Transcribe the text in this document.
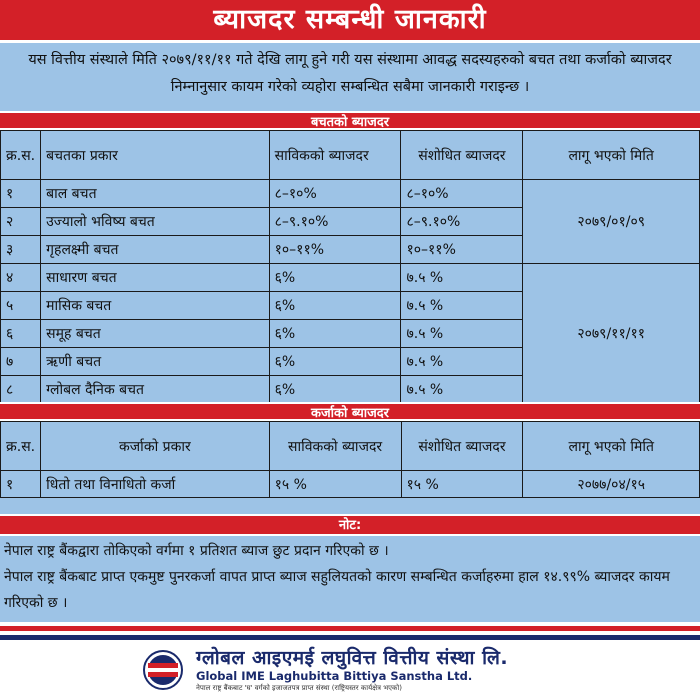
ब्याजदर सम्बन्धी जानकारी
यस वित्तीय संस्थाले मिति २०७९/११/११ गते देखि लागू हुने गरी यस संस्थामा आवद्ध सदस्यहरुको बचत तथा कर्जाको ब्याजदर निम्नानुसार कायम गरेको व्यहोरा सम्बन्धित सबैमा जानकारी गराइन्छ ।
बचतको ब्याजदर
क्र.स.	बचतका प्रकार	साविकको ब्याजदर	संशोधित ब्याजदर	लागू भएको मिति
१	बाल बचत	८–१०%	८–१०%	२०७९/०१/०९
२	उज्यालो भविष्य बचत	८–९.१०%	८–९.१०%	
३	गृहलक्ष्मी बचत	१०–११%	१०–११%	
४	साधारण बचत	६%	७.५ %	२०७९/११/११
५	मासिक बचत	६%	७.५ %	
६	समूह बचत	६%	७.५ %	
७	ऋणी बचत	६%	७.५ %	
८	ग्लोबल दैनिक बचत	६%	७.५ %	
कर्जाको ब्याजदर
क्र.स.	कर्जाको प्रकार	साविकको ब्याजदर	संशोधित ब्याजदर	लागू भएको मिति
१	धितो तथा विनाधितो कर्जा	१५ %	१५ %	२०७७/०४/१५
नोट:
नेपाल राष्ट्र बैंकद्वारा तोकिएको वर्गमा १ प्रतिशत ब्याज छुट प्रदान गरिएको छ ।
नेपाल राष्ट्र बैंकबाट प्राप्त एकमुष्ट पुनरकर्जा वापत प्राप्त ब्याज सहुलियतको कारण सम्बन्धित कर्जाहरुमा हाल १४.९९% ब्याजदर कायम गरिएको छ ।
ग्लोबल आइएमई लघुवित्त वित्तीय संस्था लि.
Global IME Laghubitta Bittiya Sanstha Ltd.
नेपाल राष्ट्र बैंकबाट 'घ' वर्गको इजाजतपत्र प्राप्त संस्था (राष्ट्रियस्तर कार्यक्षेत्र भएको)
